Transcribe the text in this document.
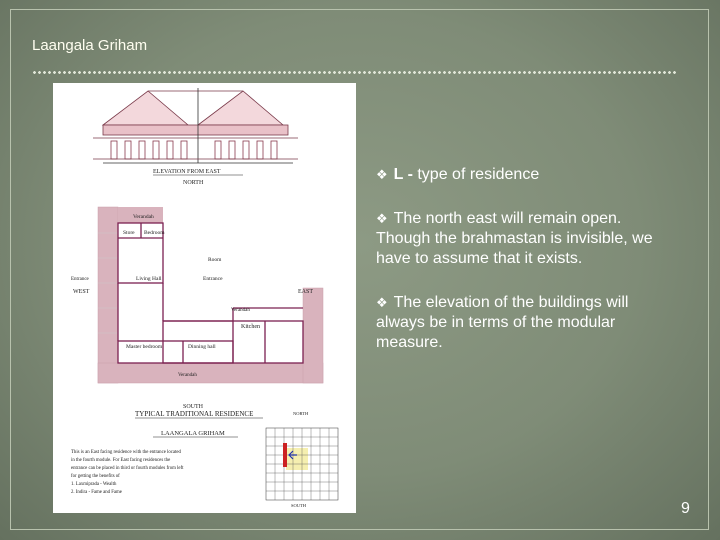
Laangala Griham
ELEVATION FROM EAST
NORTH
Verandah
Store Bedroom
Living Hall
Room
Entrance
Entrance
WEST	EAST
Verandah
Kitchen
Master bedroom	Dinning hall
Verandah
SOUTH
TYPICAL TRADITIONAL RESIDENCE
LAANGALA GRIHAM
This is an East facing residence with the entrance located
in the fourth module. For East facing residences the
entrance can be placed in third or fourth modules from left
for getting the benefits of
1. Laxmiprada - Wealth
2. Indira - Fame and Fame
NORTH
SOUTH
❖ L - type of residence
❖ The north east will remain open. Though the brahmastan is invisible, we have to assume that it exists.
❖ The elevation of the buildings will always be in terms of the modular measure.
9
